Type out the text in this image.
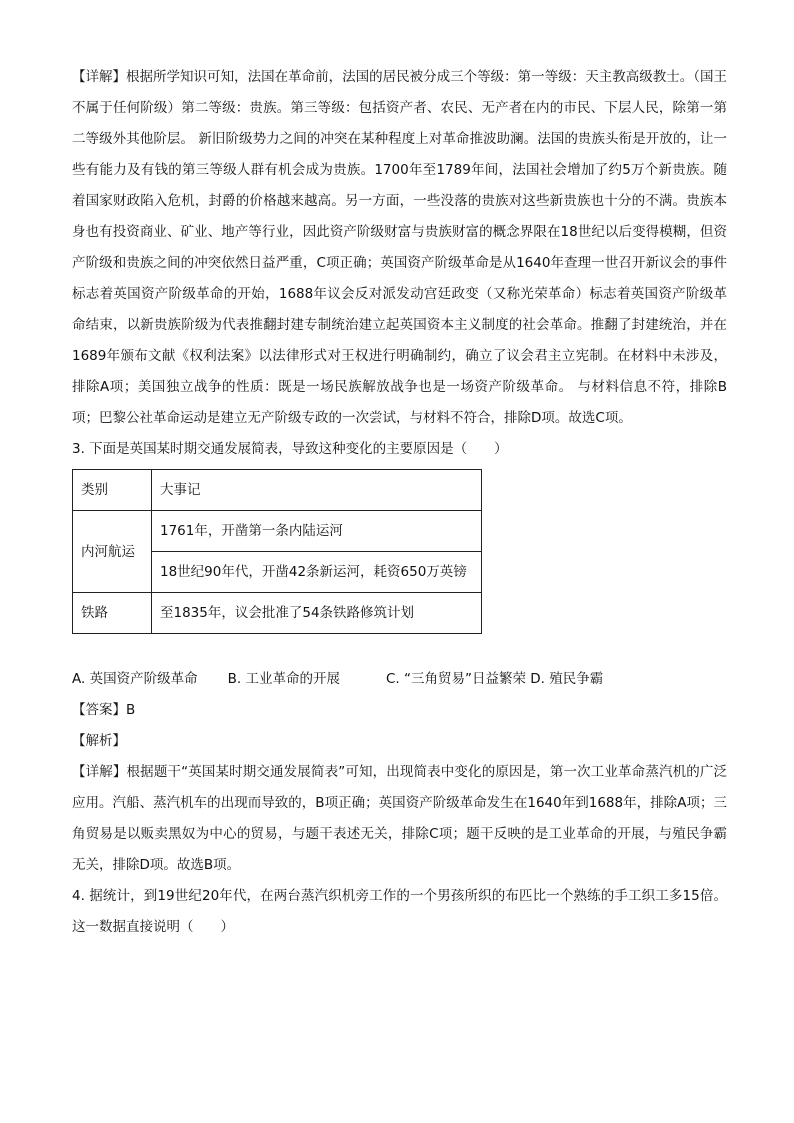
【详解】根据所学知识可知，法国在革命前，法国的居民被分成三个等级：第一等级：天主教高级教士。（国王不属于任何阶级）第二等级：贵族。第三等级：包括资产者、农民、无产者在内的市民、下层人民，除第一第二等级外其他阶层。 新旧阶级势力之间的冲突在某种程度上对革命推波助澜。法国的贵族头衔是开放的，让一些有能力及有钱的第三等级人群有机会成为贵族。1700年至1789年间，法国社会增加了约5万个新贵族。随着国家财政陷入危机，封爵的价格越来越高。另一方面，一些没落的贵族对这些新贵族也十分的不满。贵族本身也有投资商业、矿业、地产等行业，因此资产阶级财富与贵族财富的概念界限在18世纪以后变得模糊，但资产阶级和贵族之间的冲突依然日益严重，C项正确；英国资产阶级革命是从1640年查理一世召开新议会的事件标志着英国资产阶级革命的开始，1688年议会反对派发动宫廷政变（又称光荣革命）标志着英国资产阶级革命结束，以新贵族阶级为代表推翻封建专制统治建立起英国资本主义制度的社会革命。推翻了封建统治，并在1689年颁布文献《权利法案》以法律形式对王权进行明确制约，确立了议会君主立宪制。在材料中未涉及，排除A项；美国独立战争的性质：既是一场民族解放战争也是一场资产阶级革命。 与材料信息不符，排除B项；巴黎公社革命运动是建立无产阶级专政的一次尝试，与材料不符合，排除D项。故选C项。

3. 下面是英国某时期交通发展简表，导致这种变化的主要原因是（　　）

类别	大事记
内河航运	1761年，开凿第一条内陆运河
	18世纪90年代，开凿42条新运河，耗资650万英镑
铁路	至1835年，议会批准了54条铁路修筑计划
A. 英国资产阶级革命 B. 工业革命的开展	C. “三角贸易”日益繁荣
D. 殖民争霸

【答案】B

【解析】

【详解】根据题干“英国某时期交通发展简表”可知，出现简表中变化的原因是，第一次工业革命蒸汽机的广泛应用。汽船、蒸汽机车的出现而导致的，B项正确；英国资产阶级革命发生在1640年到1688年，排除A项；三角贸易是以贩卖黑奴为中心的贸易，与题干表述无关，排除C项；题干反映的是工业革命的开展，与殖民争霸无关，排除D项。故选B项。

4. 据统计，到19世纪20年代，在两台蒸汽织机旁工作的一个男孩所织的布匹比一个熟练的手工织工多15倍。这一数据直接说明（　　）
